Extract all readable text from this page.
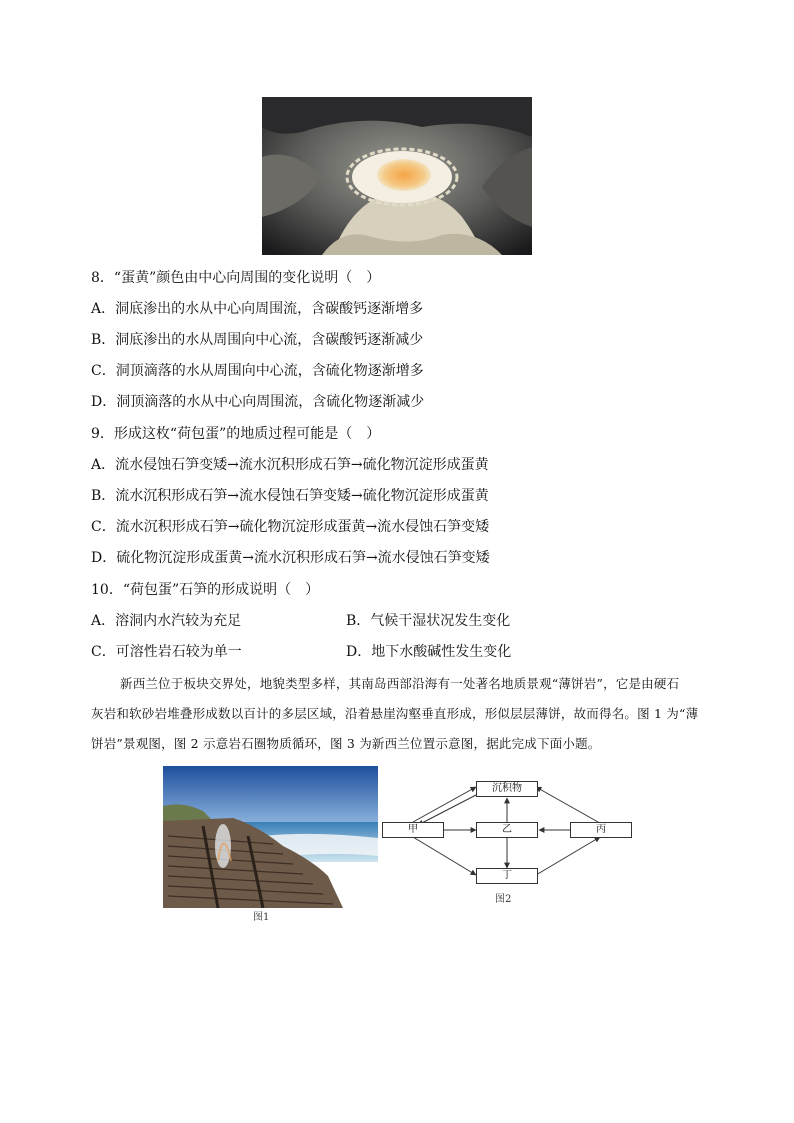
8．“蛋黄”颜色由中心向周围的变化说明（　）
A．洞底渗出的水从中心向周围流，含碳酸钙逐渐增多
B．洞底渗出的水从周围向中心流，含碳酸钙逐渐减少
C．洞顶滴落的水从周围向中心流，含硫化物逐渐增多
D．洞顶滴落的水从中心向周围流，含硫化物逐渐减少
9．形成这枚“荷包蛋”的地质过程可能是（　）
A．流水侵蚀石笋变矮→流水沉积形成石笋→硫化物沉淀形成蛋黄
B．流水沉积形成石笋→流水侵蚀石笋变矮→硫化物沉淀形成蛋黄
C．流水沉积形成石笋→硫化物沉淀形成蛋黄→流水侵蚀石笋变矮
D．硫化物沉淀形成蛋黄→流水沉积形成石笋→流水侵蚀石笋变矮
10．“荷包蛋”石笋的形成说明（　）
A．溶洞内水汽较为充足	B．气候干湿状况发生变化
C．可溶性岩石较为单一	D．地下水酸碱性发生变化
新西兰位于板块交界处，地貌类型多样，其南岛西部沿海有一处著名地质景观“薄饼岩”，它是由硬石
灰岩和软砂岩堆叠形成数以百计的多层区域，沿着悬崖沟壑垂直形成，形似层层薄饼，故而得名。图 1 为“薄
饼岩”景观图，图 2 示意岩石圈物质循环，图 3 为新西兰位置示意图，据此完成下面小题。
图1
沉积物
甲	乙	丙
丁
图2
